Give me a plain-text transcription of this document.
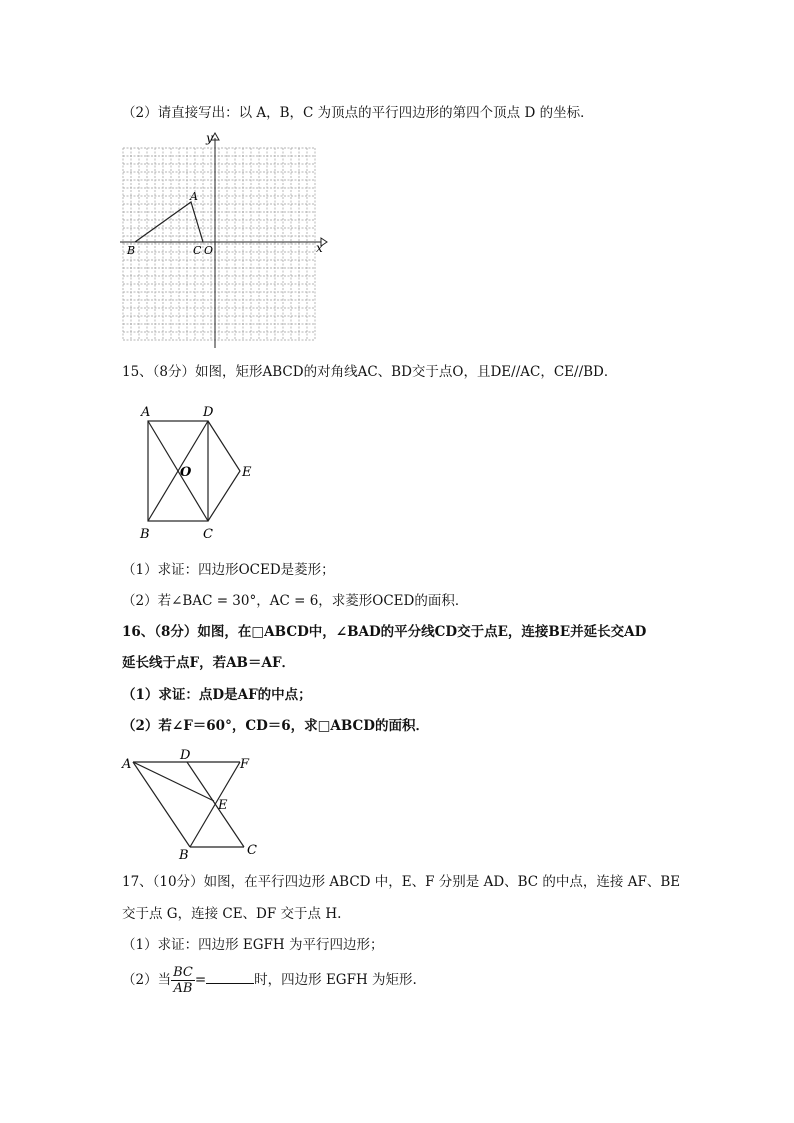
（2）请直接写出：以 A，B，C 为顶点的平行四边形的第四个顶点 D 的坐标．
y
x
A
B	C O
15、（8分）如图，矩形ABCD的对角线AC、BD交于点O，且DE//AC，CE//BD．
A	D
B	C
O	E
（1）求证：四边形OCED是菱形；
（2）若∠BAC = 30°，AC = 6，求菱形OCED的面积．
16、（8分）如图，在□ABCD中，∠BAD的平分线CD交于点E，连接BE并延长交AD
延长线于点F，若AB＝AF．
（1）求证：点D是AF的中点；
（2）若∠F＝60°，CD＝6，求□ABCD的面积．
A
D
F
E
B	C
17、（10分）如图，在平行四边形 ABCD 中，E、F 分别是 AD、BC 的中点，连接 AF、BE
交于点 G，连接 CE、DF 交于点 H.
（1）求证：四边形 EGFH 为平行四边形；
（2）当 $\frac{BC}{AB}$ =	时，四边形 EGFH 为矩形.
